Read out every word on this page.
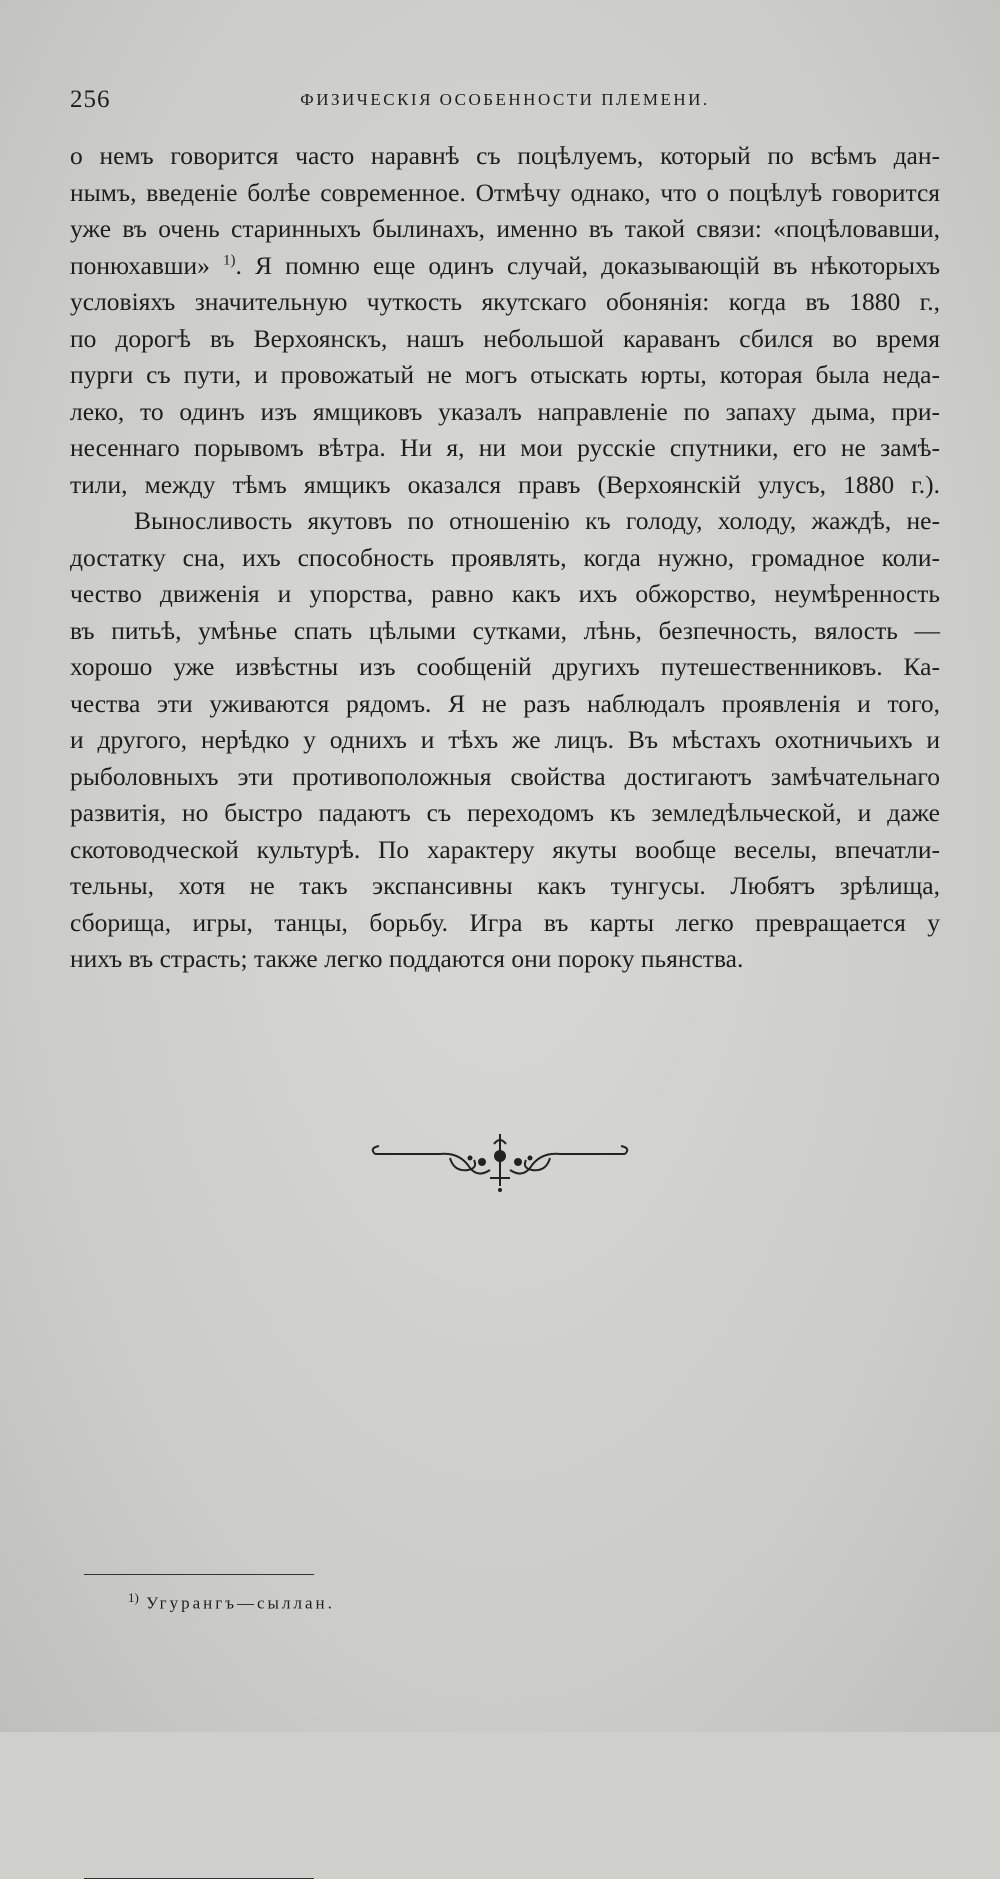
256	ФИЗИЧЕСКІЯ ОСОБЕННОСТИ ПЛЕМЕНИ.
о немъ говорится часто наравнѣ съ поцѣлуемъ, который по всѣмъ дан-
нымъ, введеніе болѣе современное. Отмѣчу однако, что о поцѣлуѣ говорится
уже въ очень старинныхъ былинахъ, именно въ такой связи: «поцѣловавши,
понюхавши» $^{1)}$. Я помню еще одинъ случай, доказывающій въ нѣкоторыхъ
условіяхъ значительную чуткость якутскаго обонянія: когда въ 1880 г.,
по дорогѣ въ Верхоянскъ, нашъ небольшой караванъ сбился во время
пурги съ пути, и провожатый не могъ отыскать юрты, которая была неда-
леко, то одинъ изъ ямщиковъ указалъ направленіе по запаху дыма, при-
несеннаго порывомъ вѣтра. Ни я, ни мои русскіе спутники, его не замѣ-
тили, между тѣмъ ямщикъ оказался правъ (Верхоянскій улусъ, 1880 г.).
Выносливость якутовъ по отношенію къ голоду, холоду, жаждѣ, не-
достатку сна, ихъ способность проявлять, когда нужно, громадное коли-
чество движенія и упорства, равно какъ ихъ обжорство, неумѣренность
въ питьѣ, умѣнье спать цѣлыми сутками, лѣнь, безпечность, вялость —
хорошо уже извѣстны изъ сообщеній другихъ путешественниковъ. Ка-
чества эти уживаются рядомъ. Я не разъ наблюдалъ проявленія и того,
и другого, нерѣдко у однихъ и тѣхъ же лицъ. Въ мѣстахъ охотничьихъ и
рыболовныхъ эти противоположныя свойства достигаютъ замѣчательнаго
развитія, но быстро падаютъ съ переходомъ къ земледѣльческой, и даже
скотоводческой культурѣ. По характеру якуты вообще веселы, впечатли-
тельны, хотя не такъ экспансивны какъ тунгусы. Любятъ зрѣлища,
сборища, игры, танцы, борьбу. Игра въ карты легко превращается у
нихъ въ страсть; также легко поддаются они пороку пьянства.
$^{1)}$ Угурангъ—сыллан.
